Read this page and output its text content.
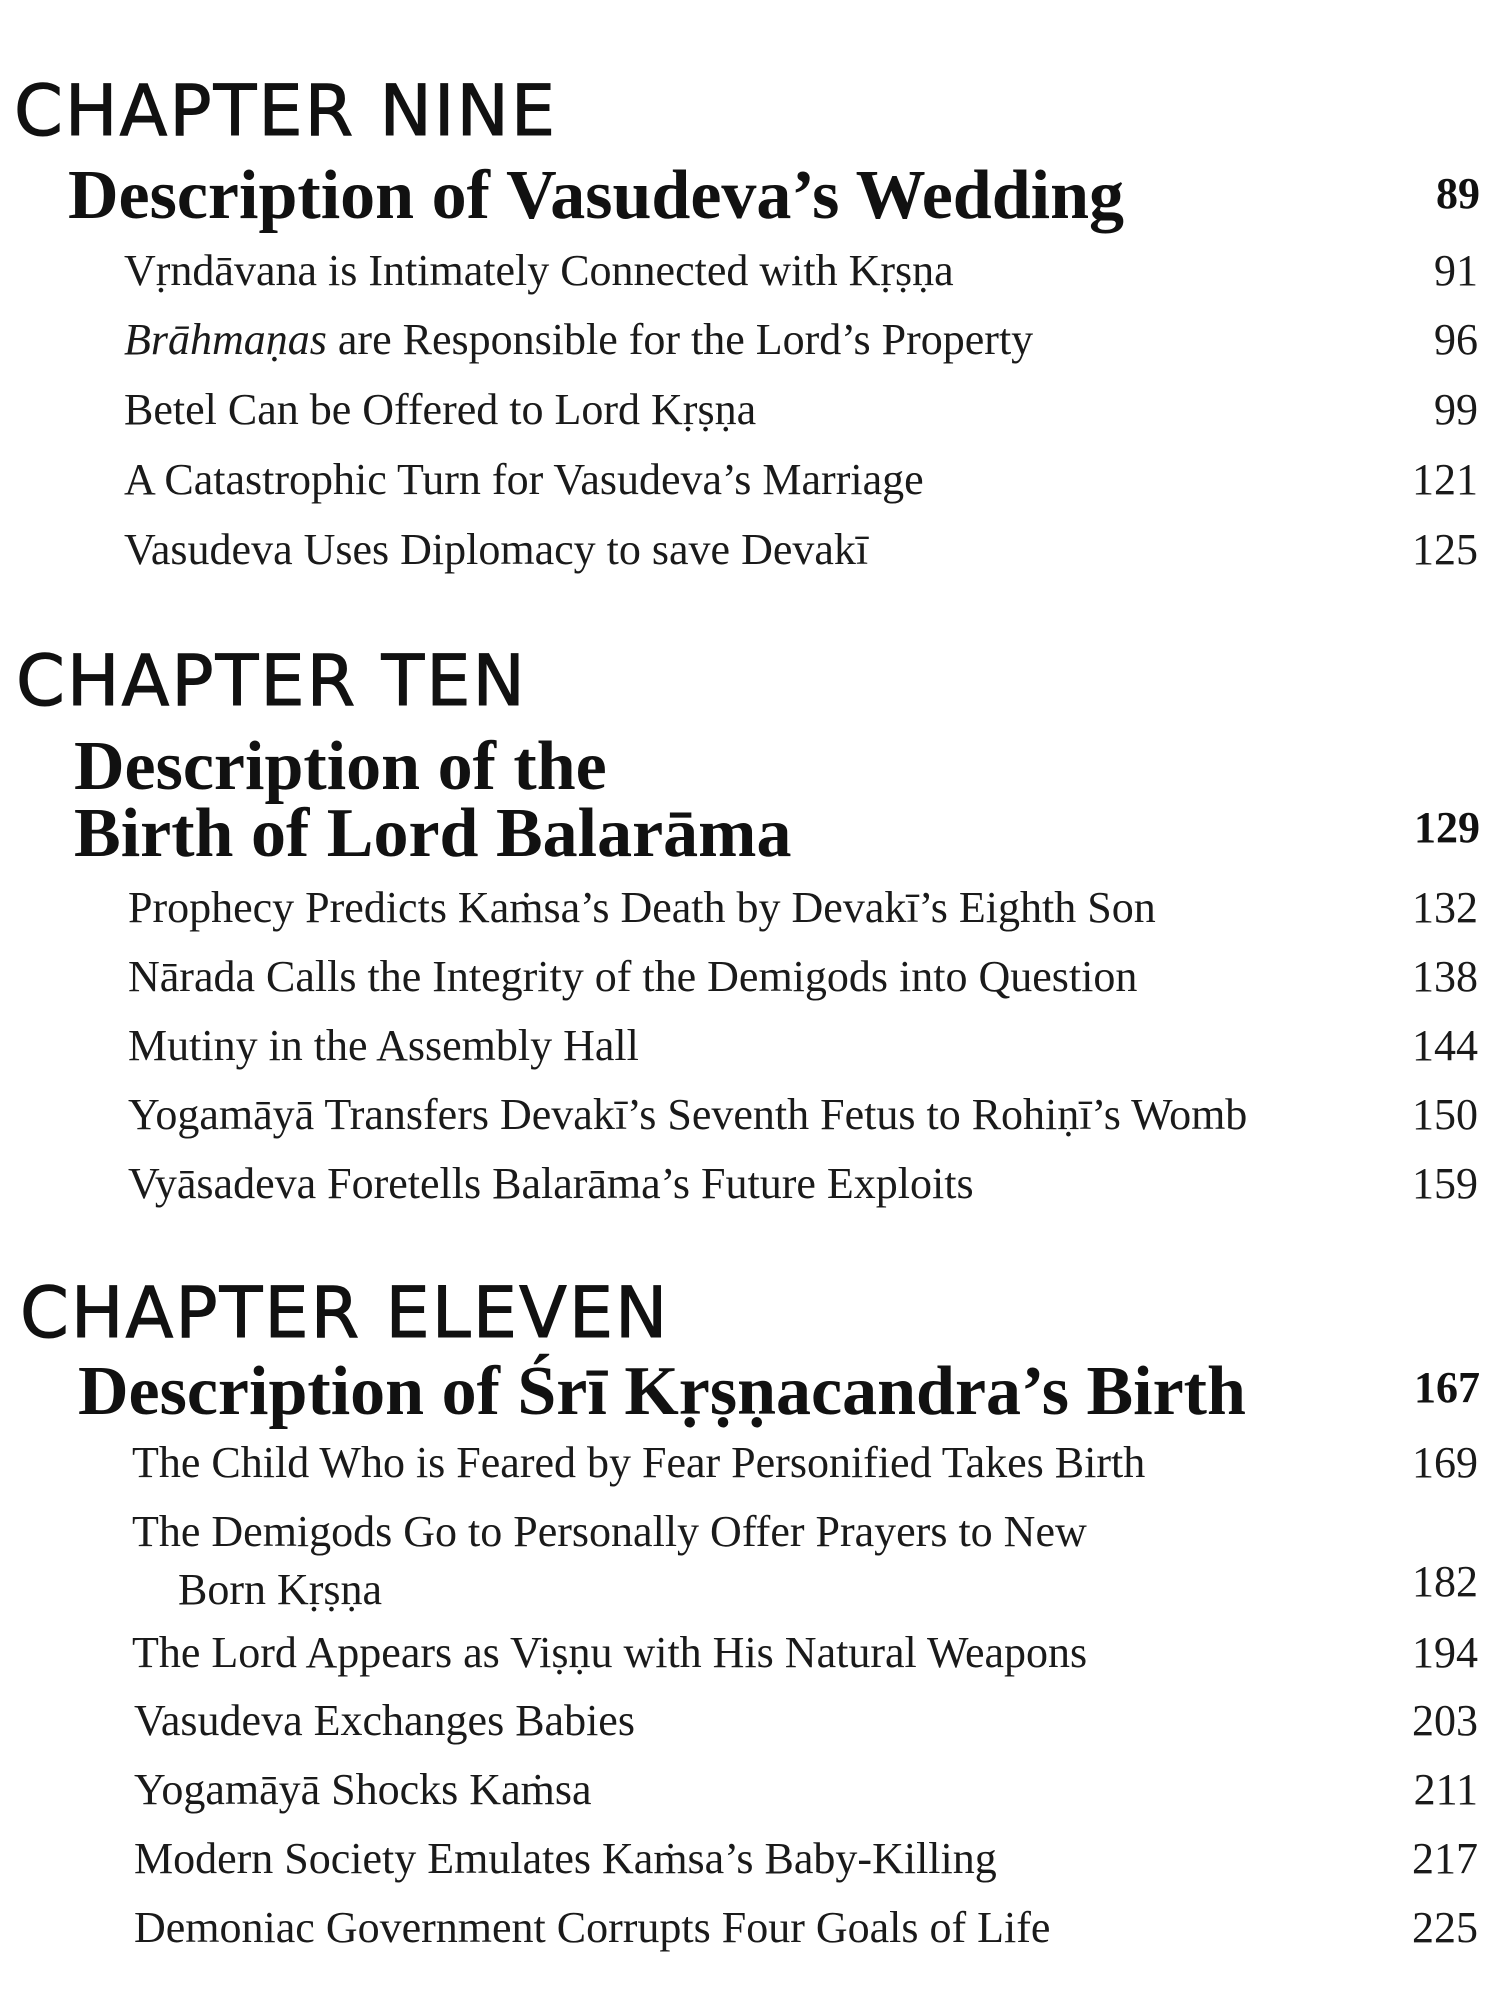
CHAPTER NINE
Description of Vasudeva’s Wedding	89
Vṛndāvana is Intimately Connected with Kṛṣṇa	91
Brāhmaṇas are Responsible for the Lord’s Property	96
Betel Can be Offered to Lord Kṛṣṇa	99
A Catastrophic Turn for Vasudeva’s Marriage	121
Vasudeva Uses Diplomacy to save Devakī	125
CHAPTER TEN
Description of the
Birth of Lord Balarāma	129
Prophecy Predicts Kaṁsa’s Death by Devakī’s Eighth Son	132
Nārada Calls the Integrity of the Demigods into Question	138
Mutiny in the Assembly Hall	144
Yogamāyā Transfers Devakī’s Seventh Fetus to Rohiṇī’s Womb	150
Vyāsadeva Foretells Balarāma’s Future Exploits	159
CHAPTER ELEVEN
Description of Śrī Kṛṣṇacandra’s Birth	167
The Child Who is Feared by Fear Personified Takes Birth	169
The Demigods Go to Personally Offer Prayers to New
Born Kṛṣṇa	182
The Lord Appears as Viṣṇu with His Natural Weapons	194
Vasudeva Exchanges Babies	203
Yogamāyā Shocks Kaṁsa	211
Modern Society Emulates Kaṁsa’s Baby-Killing	217
Demoniac Government Corrupts Four Goals of Life	225
